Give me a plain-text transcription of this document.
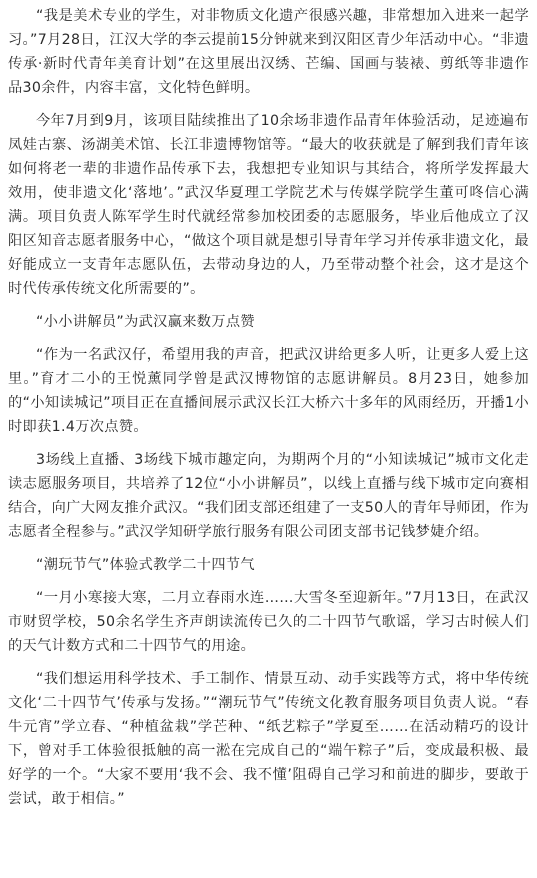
“我是美术专业的学生，对非物质文化遗产很感兴趣，非常想加入进来一起学习。”7月28日，江汉大学的李云提前15分钟就来到汉阳区青少年活动中心。“非遗传承·新时代青年美育计划”在这里展出汉绣、芒编、国画与装裱、剪纸等非遗作品30余件，内容丰富，文化特色鲜明。

今年7月到9月，该项目陆续推出了10余场非遗作品青年体验活动，足迹遍布凤娃古寨、汤湖美术馆、长江非遗博物馆等。“最大的收获就是了解到我们青年该如何将老一辈的非遗作品传承下去，我想把专业知识与其结合，将所学发挥最大效用，使非遗文化‘落地’。”武汉华夏理工学院艺术与传媒学院学生董可咚信心满满。项目负责人陈军学生时代就经常参加校团委的志愿服务，毕业后他成立了汉阳区知音志愿者服务中心，“做这个项目就是想引导青年学习并传承非遗文化，最好能成立一支青年志愿队伍，去带动身边的人，乃至带动整个社会，这才是这个时代传承传统文化所需要的”。

“小小讲解员”为武汉赢来数万点赞

“作为一名武汉仔，希望用我的声音，把武汉讲给更多人听，让更多人爱上这里。”育才二小的王悦薰同学曾是武汉博物馆的志愿讲解员。8月23日，她参加的“小知读城记”项目正在直播间展示武汉长江大桥六十多年的风雨经历，开播1小时即获1.4万次点赞。

3场线上直播、3场线下城市趣定向，为期两个月的“小知读城记”城市文化走读志愿服务项目，共培养了12位“小小讲解员”，以线上直播与线下城市定向赛相结合，向广大网友推介武汉。“我们团支部还组建了一支50人的青年导师团，作为志愿者全程参与。”武汉学知研学旅行服务有限公司团支部书记钱梦婕介绍。

“潮玩节气”体验式教学二十四节气

“一月小寒接大寒，二月立春雨水连……大雪冬至迎新年。”7月13日，在武汉市财贸学校，50余名学生齐声朗读流传已久的二十四节气歌谣，学习古时候人们的天气计数方式和二十四节气的用途。

“我们想运用科学技术、手工制作、情景互动、动手实践等方式，将中华传统文化‘二十四节气’传承与发扬。”“潮玩节气”传统文化教育服务项目负责人说。“春牛元宵”学立春、“种植盆栽”学芒种、“纸艺粽子”学夏至……在活动精巧的设计下，曾对手工体验很抵触的高一淞在完成自己的“端午粽子”后，变成最积极、最好学的一个。“大家不要用‘我不会、我不懂’阻碍自己学习和前进的脚步，要敢于尝试，敢于相信。”
